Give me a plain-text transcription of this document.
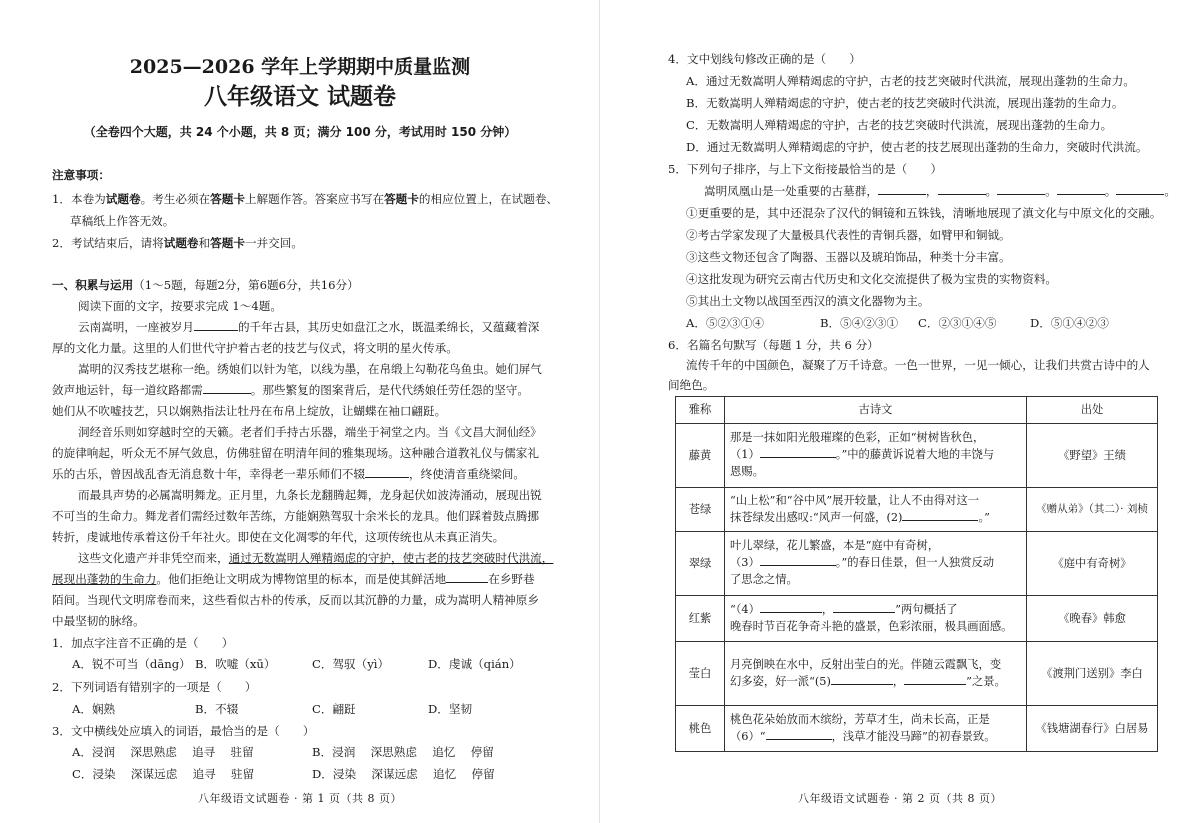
2025—2026 学年上学期期中质量监测
八年级语文 试题卷
（全卷四个大题，共 24 个小题，共 8 页；满分 100 分，考试用时 150 分钟）
注意事项：
1．本卷为试题卷。考生必须在答题卡上解题作答。答案应书写在答题卡的相应位置上，在试题卷、
草稿纸上作答无效。
2．考试结束后，请将试题卷和答题卡一并交回。
一、积累与运用（1～5题，每题2分，第6题6分，共16分）
阅读下面的文字，按要求完成 1～4题。
云南嵩明，一座被岁月	的千年古县，其历史如盘江之水，既温柔绵长，又蕴藏着深
厚的文化力量。这里的人们世代守护着古老的技艺与仪式，将文明的星火传承。
嵩明的汉秀技艺堪称一绝。绣娘们以针为笔，以线为墨，在帛缎上勾勒花鸟鱼虫。她们屏气
敛声地运针，每一道纹路都需	。那些繁复的图案背后，是代代绣娘任劳任怨的坚守。
她们从不吹嘘技艺，只以娴熟指法让牡丹在布帛上绽放，让蝴蝶在袖口翩跹。
洞经音乐则如穿越时空的天籁。老者们手持古乐器，端坐于祠堂之内。当《文昌大洞仙经》
的旋律响起，听众无不屏气敛息，仿佛驻留在明清年间的雅集现场。这种融合道教礼仪与儒家礼
乐的古乐，曾因战乱杳无消息数十年，幸得老一辈乐师们不辍	，终使清音重绕梁间。
而最具声势的必属嵩明舞龙。正月里，九条长龙翻腾起舞，龙身起伏如波涛涌动，展现出锐
不可当的生命力。舞龙者们需经过数年苦练，方能娴熟驾驭十余米长的龙具。他们踩着鼓点腾挪
转折，虔诚地传承着这份千年社火。即使在文化凋零的年代，这项传统也从未真正消失。
这些文化遗产并非凭空而来，通过无数嵩明人殚精竭虑的守护，使古老的技艺突破时代洪流，
展现出蓬勃的生命力。他们拒绝让文明成为博物馆里的标本，而是使其鲜活地	在乡野巷
陌间。当现代文明席卷而来，这些看似古朴的传承，反而以其沉静的力量，成为嵩明人精神原乡
中最坚韧的脉络。
1．加点字注音不正确的是（　　）
A．锐不可当（dāng） B．吹嘘（xū）	C．驾驭（yì）	D．虔诚（qián）
2．下列词语有错别字的一项是（　　）
A．娴熟	B．不辍	C．翩跹	D．坚韧
3．文中横线处应填入的词语，最恰当的是（　　）
A．浸润　 深思熟虑　 追寻　 驻留	B．浸润　 深思熟虑　 追忆　 停留
C．浸染　 深谋远虑　 追寻　 驻留	D．浸染　 深谋远虑　 追忆　 停留
八年级语文试题卷 · 第 1 页（共 8 页）
4．文中划线句修改正确的是（　　）
A．通过无数嵩明人殚精竭虑的守护，古老的技艺突破时代洪流，展现出蓬勃的生命力。
B．无数嵩明人殚精竭虑的守护，使古老的技艺突破时代洪流，展现出蓬勃的生命力。
C．无数嵩明人殚精竭虑的守护，古老的技艺突破时代洪流，展现出蓬勃的生命力。
D．通过无数嵩明人殚精竭虑的守护，使古老的技艺展现出蓬勃的生命力，突破时代洪流。
5．下列句子排序，与上下文衔接最恰当的是（　　）
嵩明凤凰山是一处重要的古墓群，	，	。	。	。	。
①更重要的是，其中还混杂了汉代的铜镜和五铢钱，清晰地展现了滇文化与中原文化的交融。
②考古学家发现了大量极具代表性的青铜兵器，如臂甲和铜钺。
③这些文物还包含了陶器、玉器以及琥珀饰品，种类十分丰富。
④这批发现为研究云南古代历史和文化交流提供了极为宝贵的实物资料。
⑤其出土文物以战国至西汉的滇文化器物为主。
A．⑤②③①④	B．⑤④②③① C．②③①④⑤	D．⑤①④②③
6．名篇名句默写（每题 1 分，共 6 分）
流传千年的中国颜色，凝聚了万千诗意。一色一世界，一见一倾心，让我们共赏古诗中的人
间绝色。
雅称	古诗文	出处
藤黄	那是一抹如阳光般璀璨的色彩，正如“树树皆秋色，
（1） 。”中的藤黄诉说着大地的丰饶与
恩赐。	《野望》王绩
苍绿	“山上松”和“谷中风”展开较量，让人不由得对这一
抹苍绿发出感叹:“风声一何盛，(2) 。”	《赠从弟》（其二）· 刘桢
翠绿	叶儿翠绿，花儿繁盛，本是“庭中有奇树，
（3） 。”的春日佳景，但一人独赏反动
了思念之情。	《庭中有奇树》
红紫	“（4） ， ”两句概括了
晚春时节百花争奇斗艳的盛景，色彩浓丽，极具画面感。	《晚春》韩愈
莹白	月亮倒映在水中，反射出莹白的光。伴随云霞飘飞，变
幻多姿，好一派“(5) ， ”之景。	《渡荆门送别》李白
桃色	桃色花朵始放而木缤纷，芳草才生，尚未长高，正是
（6）“ ，浅草才能没马蹄”的初春景致。	《钱塘湖春行》白居易
八年级语文试题卷 · 第 2 页（共 8 页）
